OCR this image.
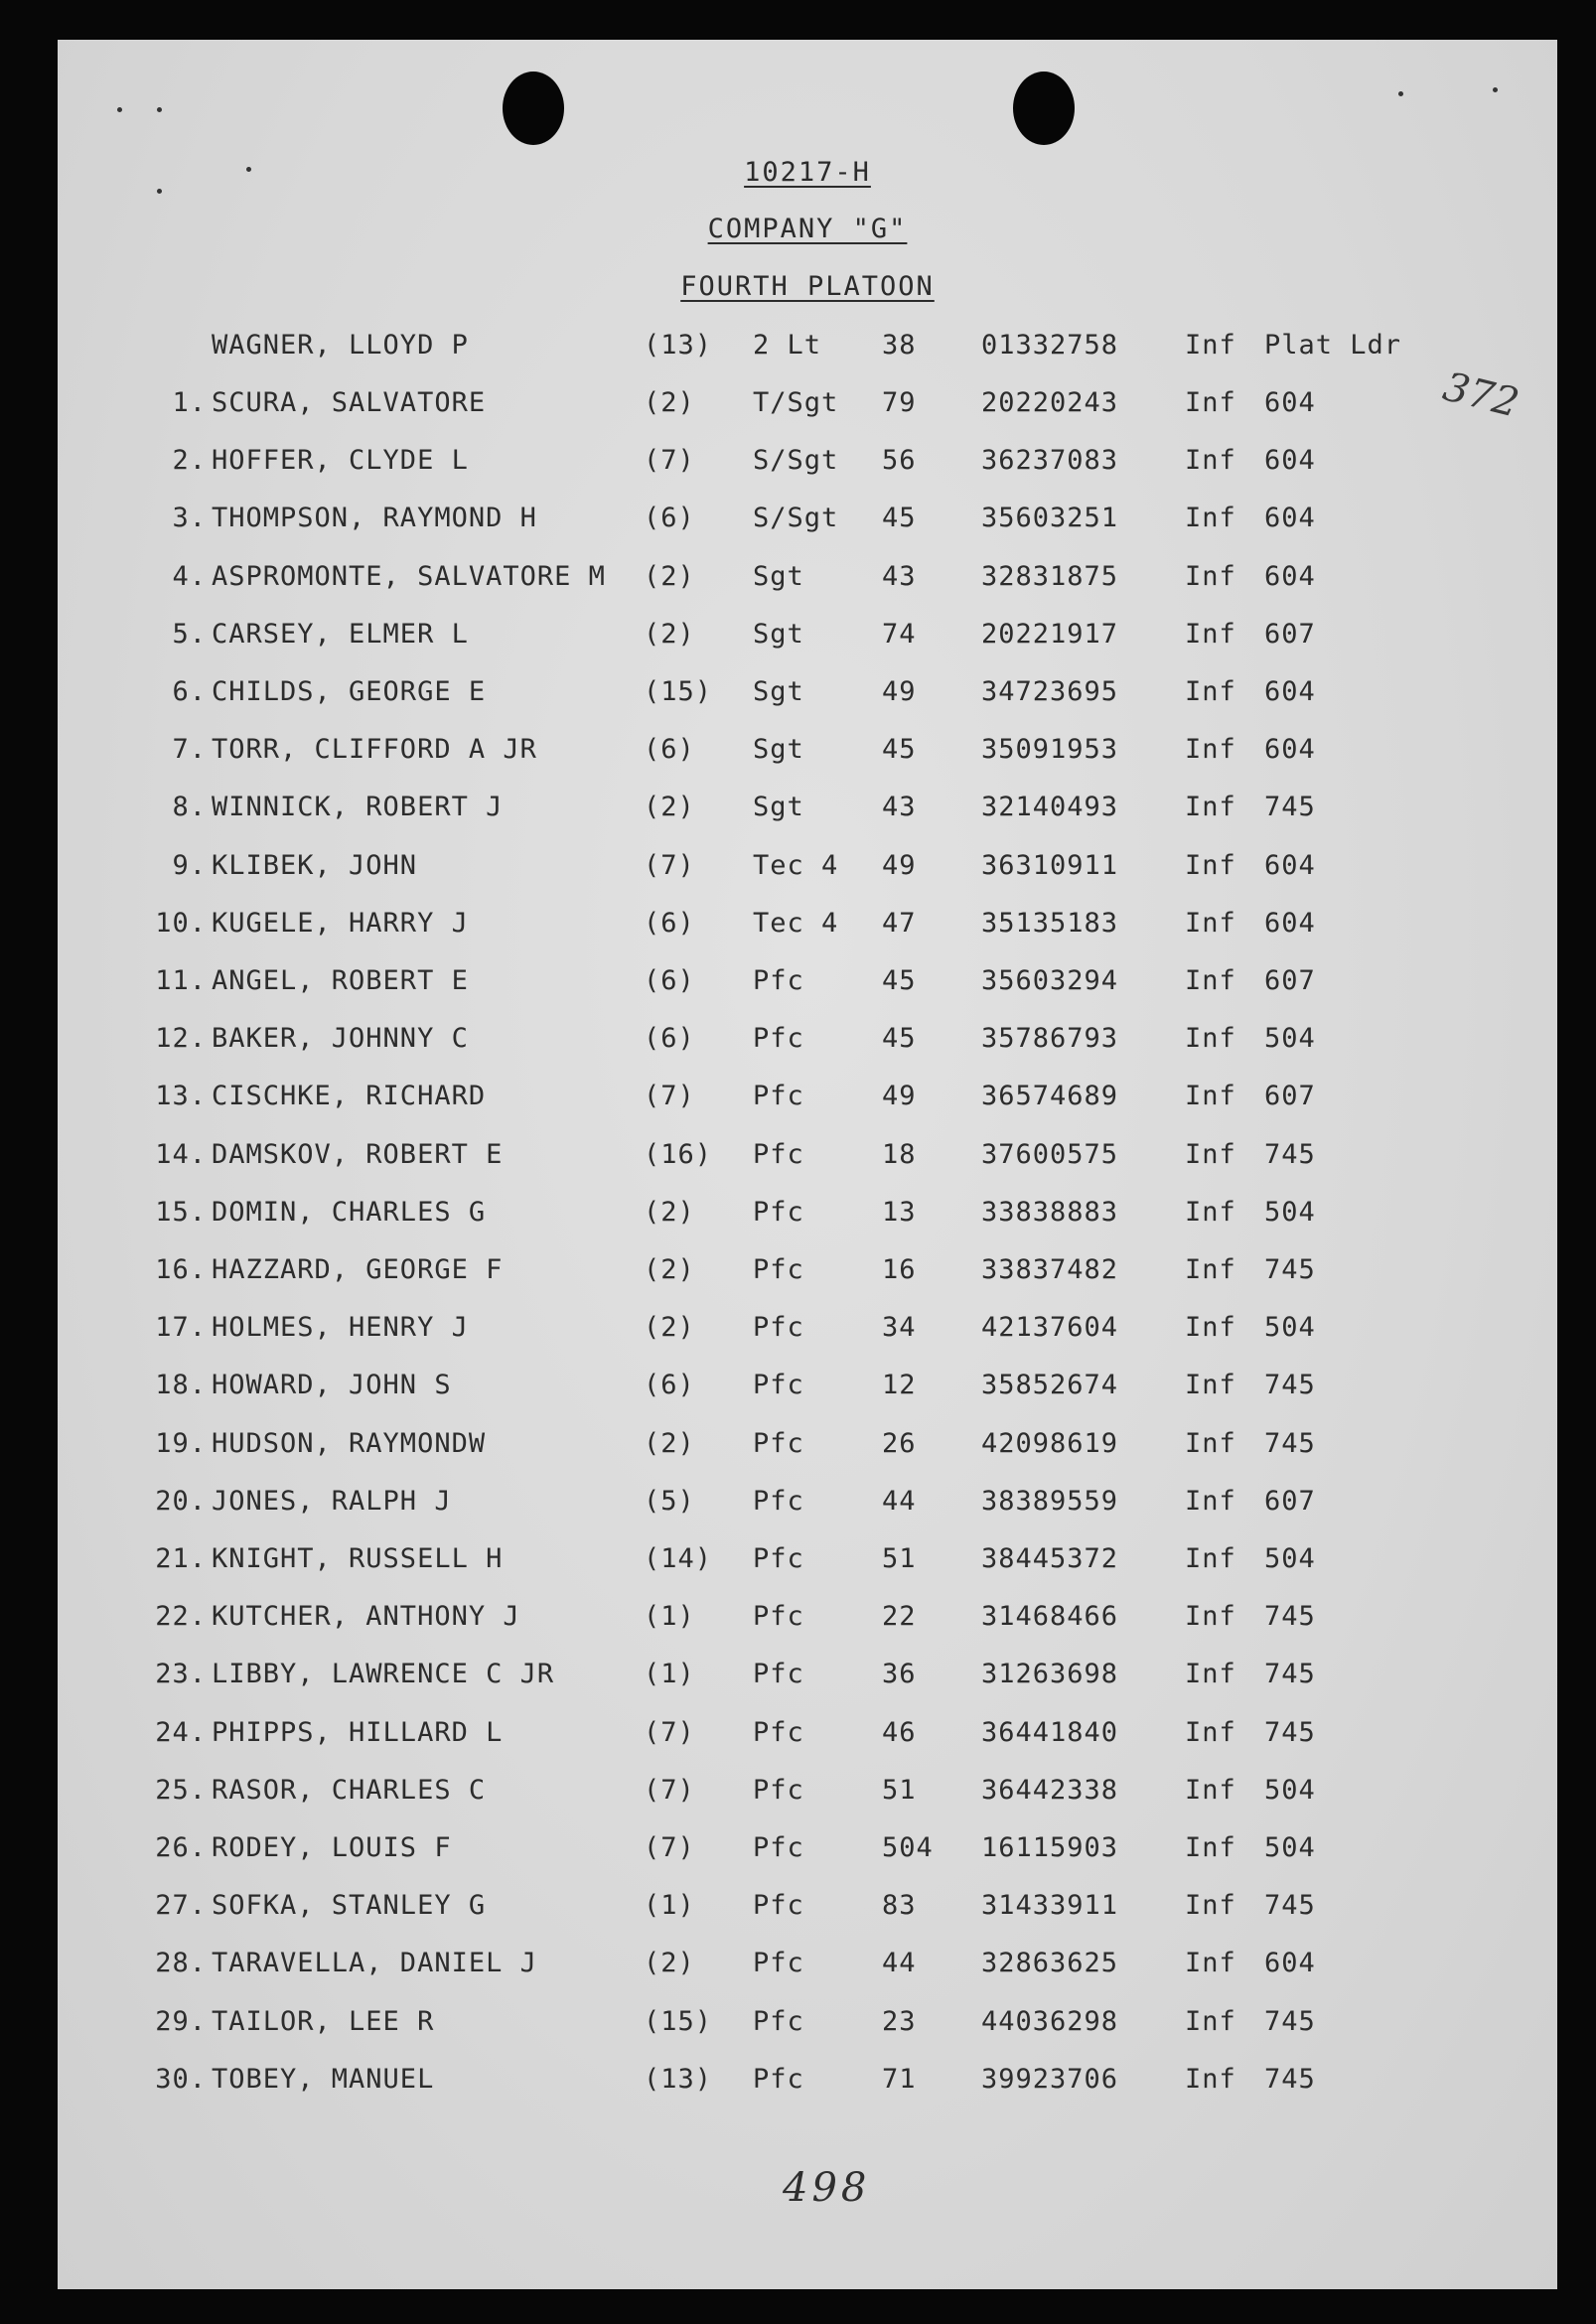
10217-H
COMPANY "G"
FOURTH PLATOON
WAGNER, LLOYD P	(13) 2 Lt 38 01332758 Inf Plat Ldr
1. SCURA, SALVATORE	(2) T/Sgt 79 20220243 Inf 604
2. HOFFER, CLYDE L	(7) S/Sgt 56 36237083 Inf 604
3. THOMPSON, RAYMOND H	(6) S/Sgt 45 35603251 Inf 604
4. ASPROMONTE, SALVATORE M (2) Sgt	43 32831875 Inf 604
5. CARSEY, ELMER L	(2) Sgt	74 20221917 Inf 607
6. CHILDS, GEORGE E	(15) Sgt	49 34723695 Inf 604
7. TORR, CLIFFORD A JR	(6) Sgt	45 35091953 Inf 604
8. WINNICK, ROBERT J	(2) Sgt	43 32140493 Inf 745
9. KLIBEK, JOHN	(7) Tec 4 49 36310911 Inf 604
10. KUGELE, HARRY J	(6) Tec 4 47 35135183 Inf 604
11. ANGEL, ROBERT E	(6) Pfc	45 35603294 Inf 607
12. BAKER, JOHNNY C	(6) Pfc	45 35786793 Inf 504
13. CISCHKE, RICHARD	(7) Pfc	49 36574689 Inf 607
14. DAMSKOV, ROBERT E	(16) Pfc	18 37600575 Inf 745
15. DOMIN, CHARLES G	(2) Pfc	13 33838883 Inf 504
16. HAZZARD, GEORGE F	(2) Pfc	16 33837482 Inf 745
17. HOLMES, HENRY J	(2) Pfc	34 42137604 Inf 504
18. HOWARD, JOHN S	(6) Pfc	12 35852674 Inf 745
19. HUDSON, RAYMONDW	(2) Pfc	26 42098619 Inf 745
20. JONES, RALPH J	(5) Pfc	44 38389559 Inf 607
21. KNIGHT, RUSSELL H	(14) Pfc	51 38445372 Inf 504
22. KUTCHER, ANTHONY J	(1) Pfc	22 31468466 Inf 745
23. LIBBY, LAWRENCE C JR	(1) Pfc	36 31263698 Inf 745
24. PHIPPS, HILLARD L	(7) Pfc	46 36441840 Inf 745
25. RASOR, CHARLES C	(7) Pfc	51 36442338 Inf 504
26. RODEY, LOUIS F	(7) Pfc	504 16115903 Inf 504
27. SOFKA, STANLEY G	(1) Pfc	83 31433911 Inf 745
28. TARAVELLA, DANIEL J	(2) Pfc	44 32863625 Inf 604
29. TAILOR, LEE R	(15) Pfc	23 44036298 Inf 745
30. TOBEY, MANUEL	(13) Pfc	71 39923706 Inf 745
372
498
